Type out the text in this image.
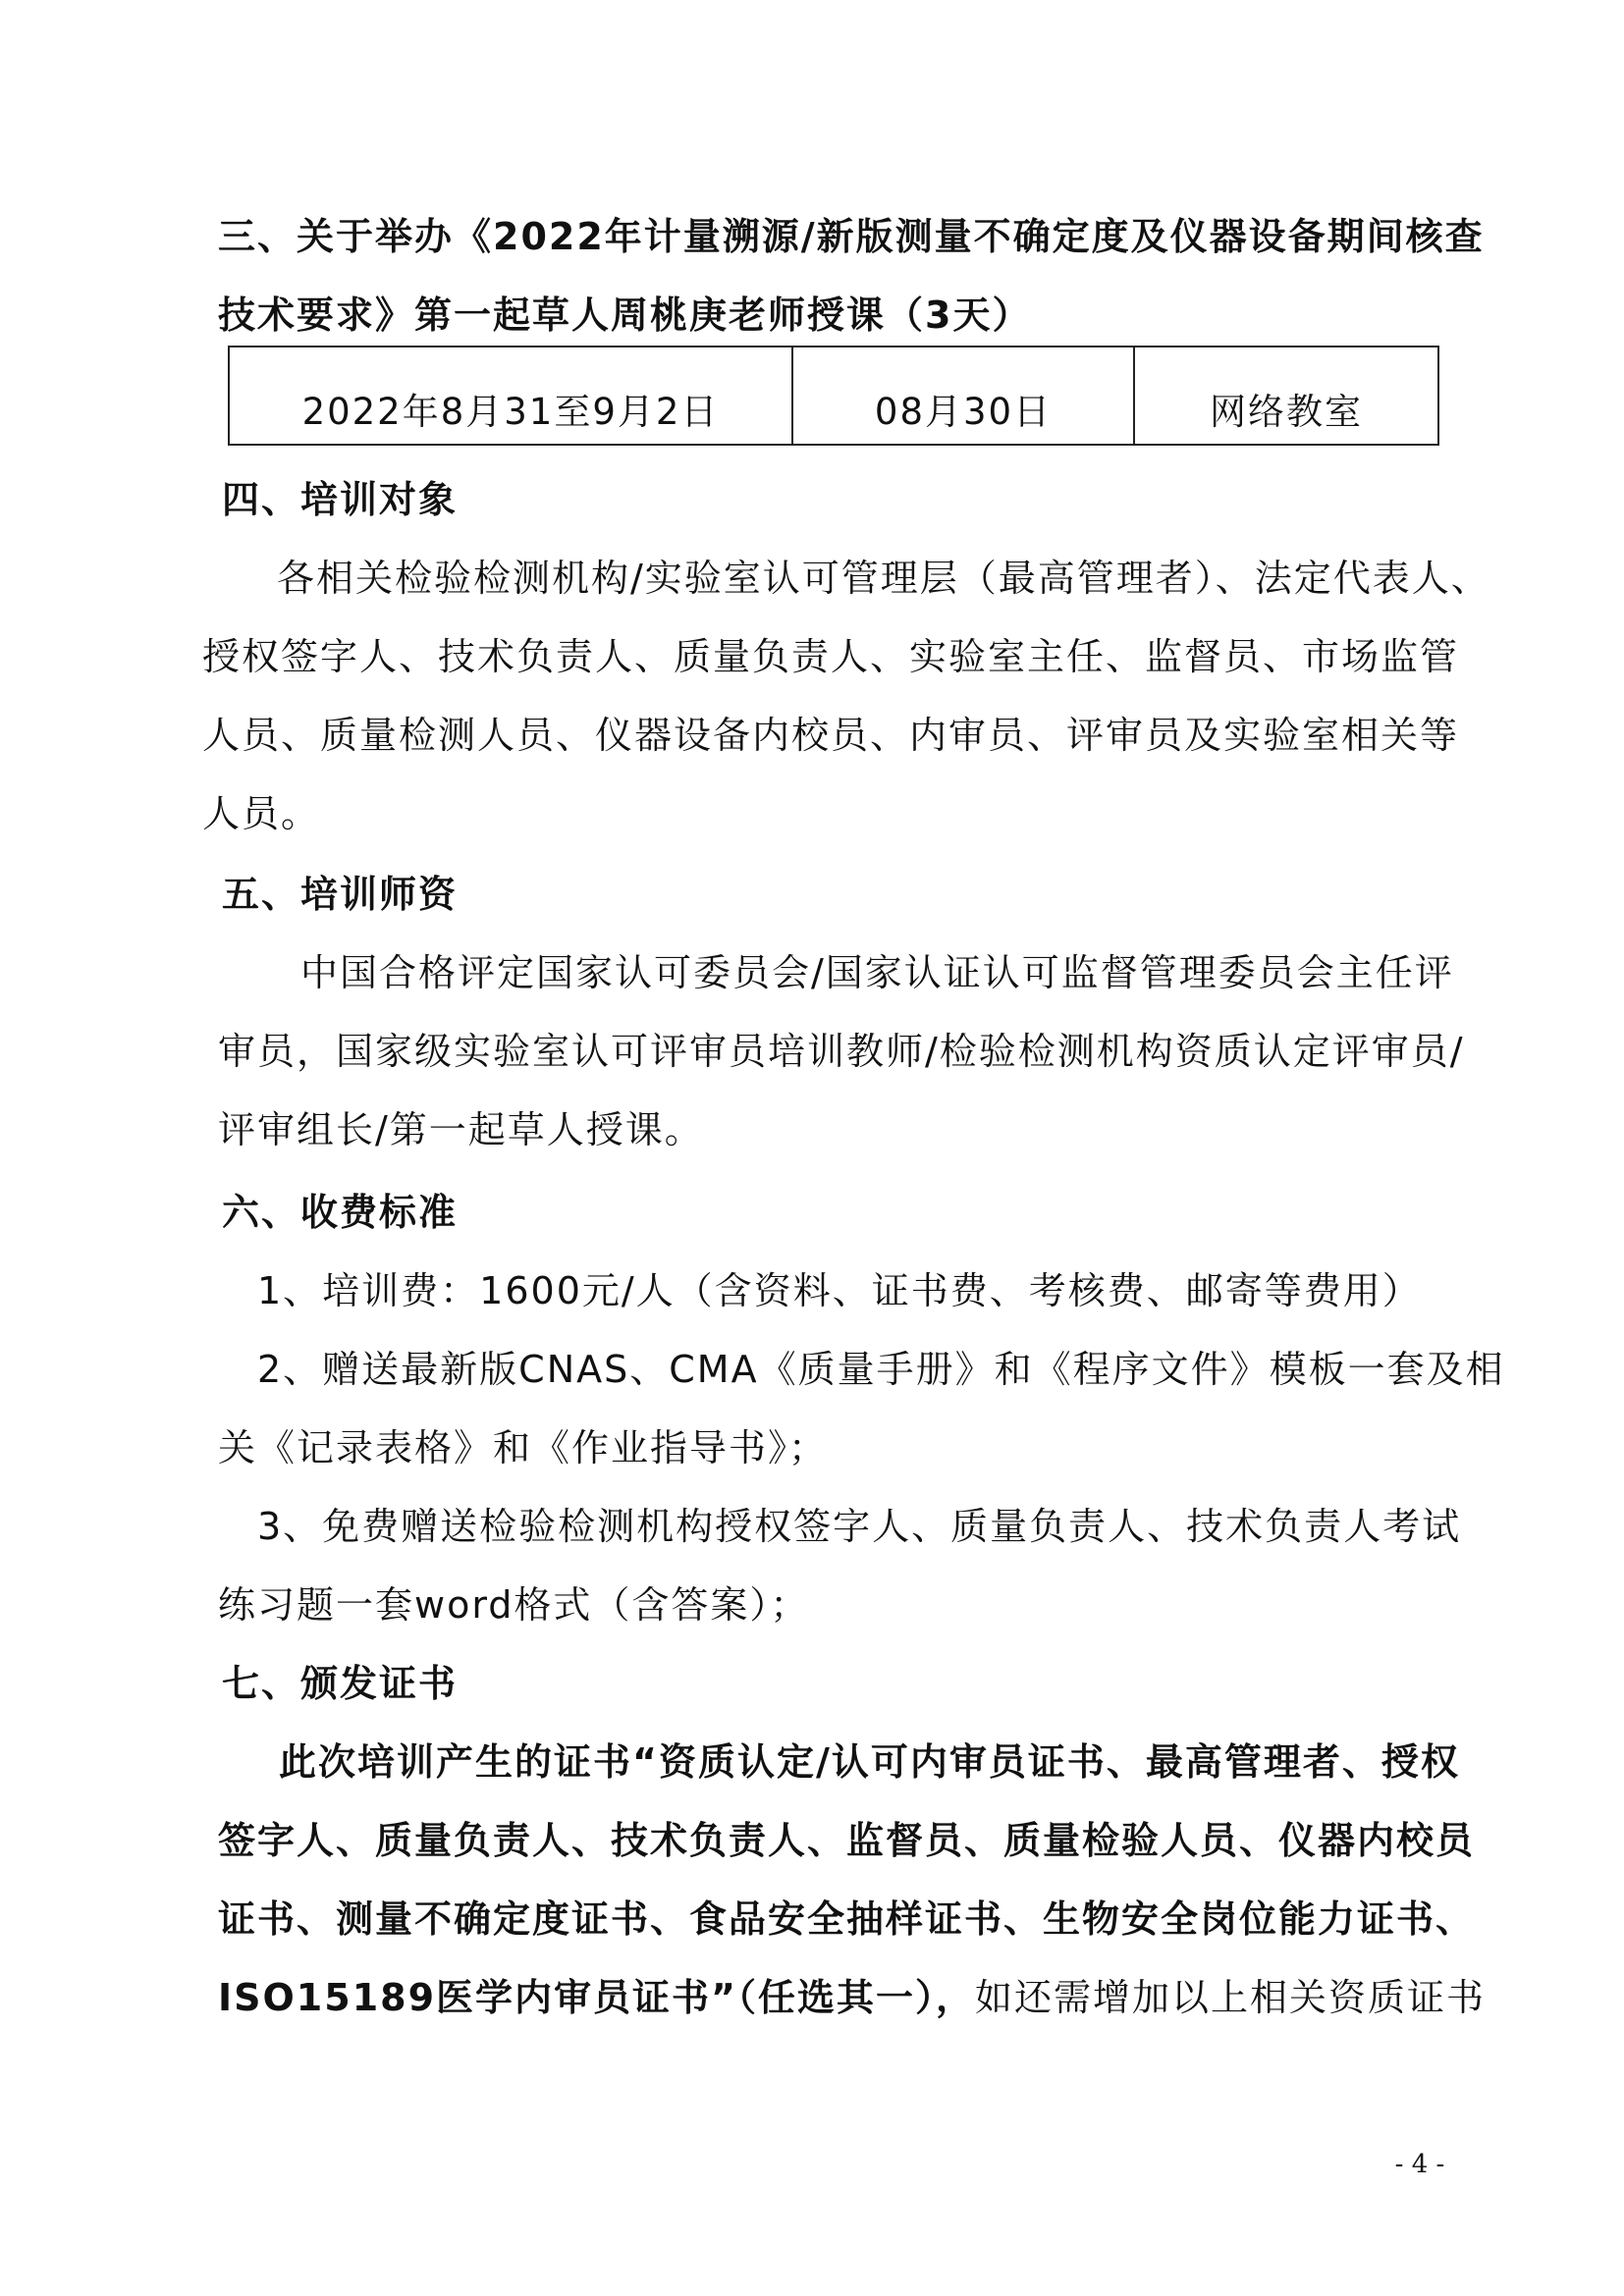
三、关于举办《2022年计量溯源/新版测量不确定度及仪器设备期间核查

技术要求》第一起草人周桃庚老师授课（3天）

2022年8月31至9月2日	08月30日	网络教室

四、培训对象

各相关检验检测机构/实验室认可管理层（最高管理者）、法定代表人、

授权签字人、技术负责人、质量负责人、实验室主任、监督员、市场监管

人员、质量检测人员、仪器设备内校员、内审员、评审员及实验室相关等

人员。

五、培训师资

中国合格评定国家认可委员会/国家认证认可监督管理委员会主任评

审员，国家级实验室认可评审员培训教师/检验检测机构资质认定评审员/

评审组长/第一起草人授课。

六、收费标准

1、培训费：1600元/人（含资料、证书费、考核费、邮寄等费用）

2、赠送最新版CNAS、CMA《质量手册》和《程序文件》模板一套及相

关《记录表格》和《作业指导书》；

3、免费赠送检验检测机构授权签字人、质量负责人、技术负责人考试

练习题一套word格式（含答案）；

七、颁发证书

此次培训产生的证书“资质认定/认可内审员证书、最高管理者、授权

签字人、质量负责人、技术负责人、监督员、质量检验人员、仪器内校员

证书、测量不确定度证书、食品安全抽样证书、生物安全岗位能力证书、

ISO15189医学内审员证书”（任选其一），如还需增加以上相关资质证书

- 4 -
